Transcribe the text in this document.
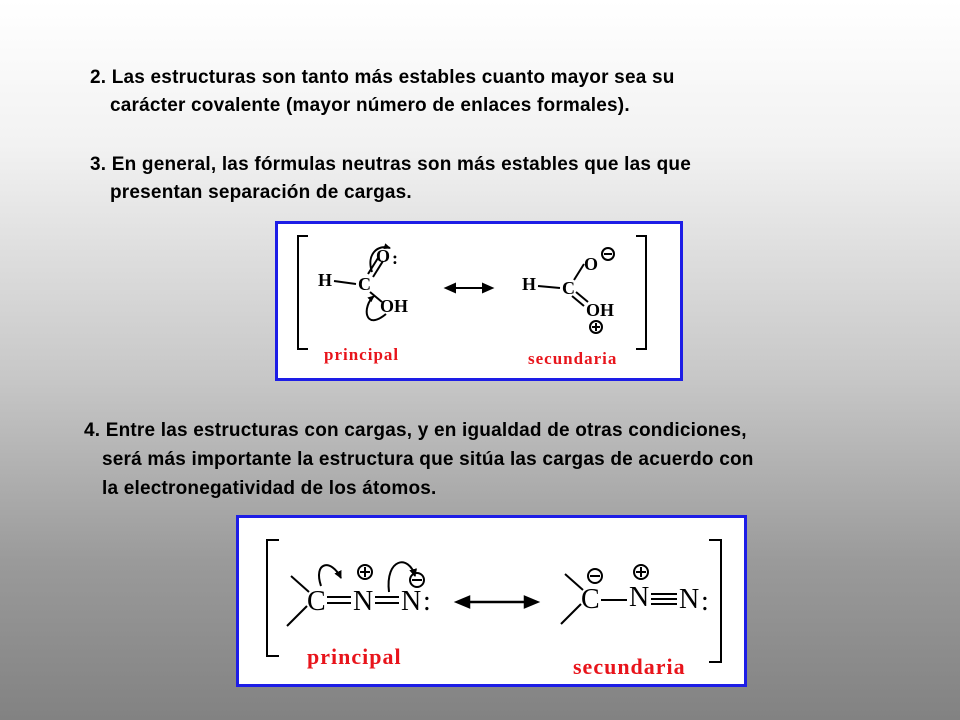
2. Las estructuras son tanto más estables cuanto mayor sea su
carácter covalente (mayor número de enlaces formales).
3. En general, las fórmulas neutras son más estables que las que
presentan separación de cargas.
H C
O :
OH
H C
O
OH
principal	secundaria
4. Entre las estructuras con cargas, y en igualdad de otras condiciones,
será más importante la estructura que sitúa las cargas de acuerdo con
la electronegatividad de los átomos.
C N N :	C N N :
principal	secundaria
